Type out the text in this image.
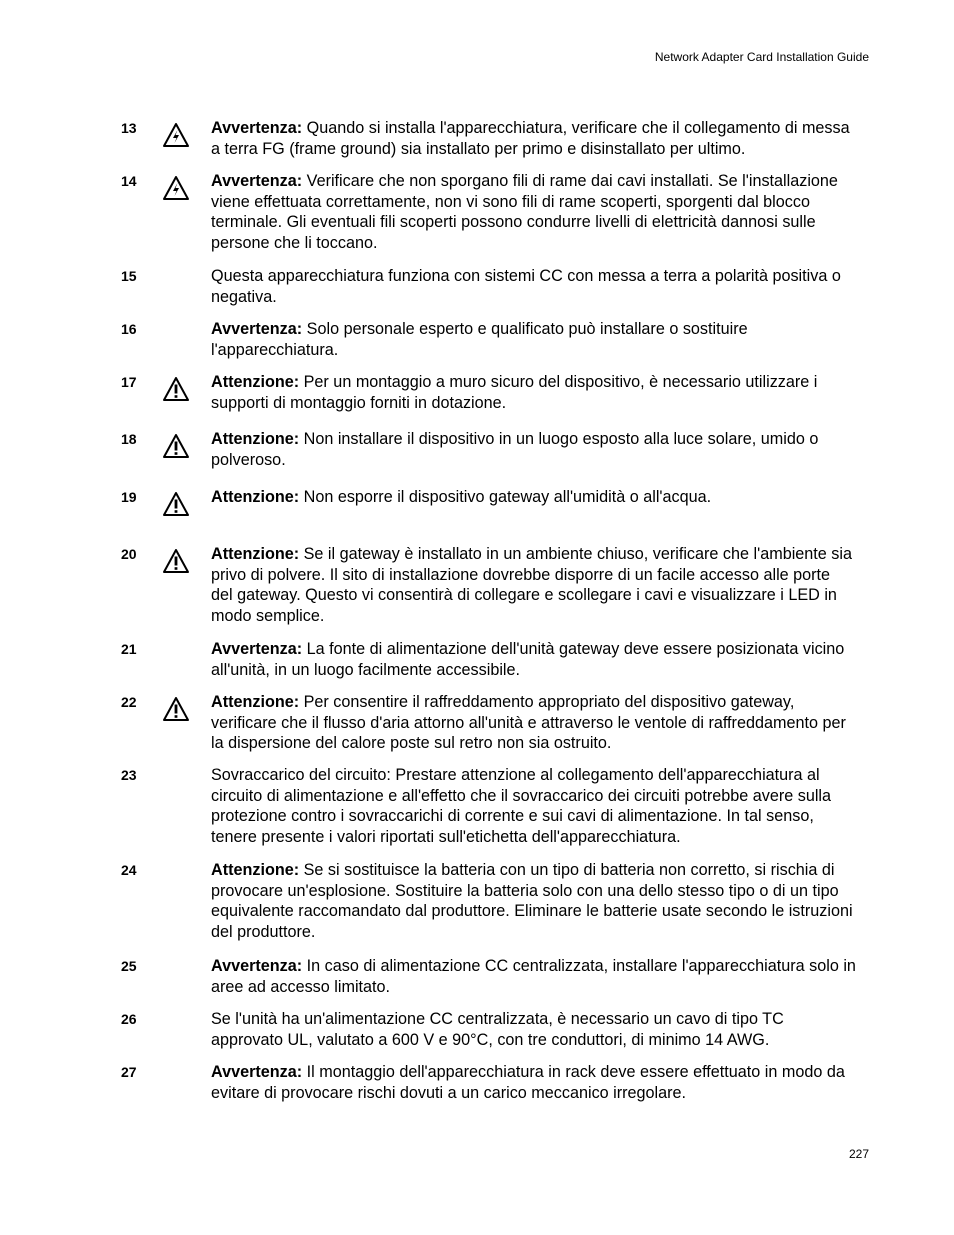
Network Adapter Card Installation Guide
13	Avvertenza: Quando si installa l'apparecchiatura, verificare che il collegamento di messa a terra FG (frame ground) sia installato per primo e disinstallato per ultimo.
14	Avvertenza: Verificare che non sporgano fili di rame dai cavi installati. Se l'installazione viene effettuata correttamente, non vi sono fili di rame scoperti, sporgenti dal blocco terminale. Gli eventuali fili scoperti possono condurre livelli di elettricità dannosi sulle persone che li toccano.
15	Questa apparecchiatura funziona con sistemi CC con messa a terra a polarità positiva o negativa.
16	Avvertenza: Solo personale esperto e qualificato può installare o sostituire l'apparecchiatura.
17	Attenzione: Per un montaggio a muro sicuro del dispositivo, è necessario utilizzare i supporti di montaggio forniti in dotazione.
18	Attenzione: Non installare il dispositivo in un luogo esposto alla luce solare, umido o polveroso.
19	Attenzione: Non esporre il dispositivo gateway all'umidità o all'acqua.
20	Attenzione: Se il gateway è installato in un ambiente chiuso, verificare che l'ambiente sia privo di polvere. Il sito di installazione dovrebbe disporre di un facile accesso alle porte del gateway. Questo vi consentirà di collegare e scollegare i cavi e visualizzare i LED in modo semplice.
21	Avvertenza: La fonte di alimentazione dell'unità gateway deve essere posizionata vicino all'unità, in un luogo facilmente accessibile.
22	Attenzione: Per consentire il raffreddamento appropriato del dispositivo gateway, verificare che il flusso d'aria attorno all'unità e attraverso le ventole di raffreddamento per la dispersione del calore poste sul retro non sia ostruito.
23	Sovraccarico del circuito: Prestare attenzione al collegamento dell'apparecchiatura al circuito di alimentazione e all'effetto che il sovraccarico dei circuiti potrebbe avere sulla protezione contro i sovraccarichi di corrente e sui cavi di alimentazione. In tal senso, tenere presente i valori riportati sull'etichetta dell'apparecchiatura.
24	Attenzione: Se si sostituisce la batteria con un tipo di batteria non corretto, si rischia di provocare un'esplosione. Sostituire la batteria solo con una dello stesso tipo o di un tipo equivalente raccomandato dal produttore. Eliminare le batterie usate secondo le istruzioni del produttore.
25	Avvertenza: In caso di alimentazione CC centralizzata, installare l'apparecchiatura solo in aree ad accesso limitato.
26	Se l'unità ha un'alimentazione CC centralizzata, è necessario un cavo di tipo TC approvato UL, valutato a 600 V e 90°C, con tre conduttori, di minimo 14 AWG.
27	Avvertenza: Il montaggio dell'apparecchiatura in rack deve essere effettuato in modo da evitare di provocare rischi dovuti a un carico meccanico irregolare.
227
